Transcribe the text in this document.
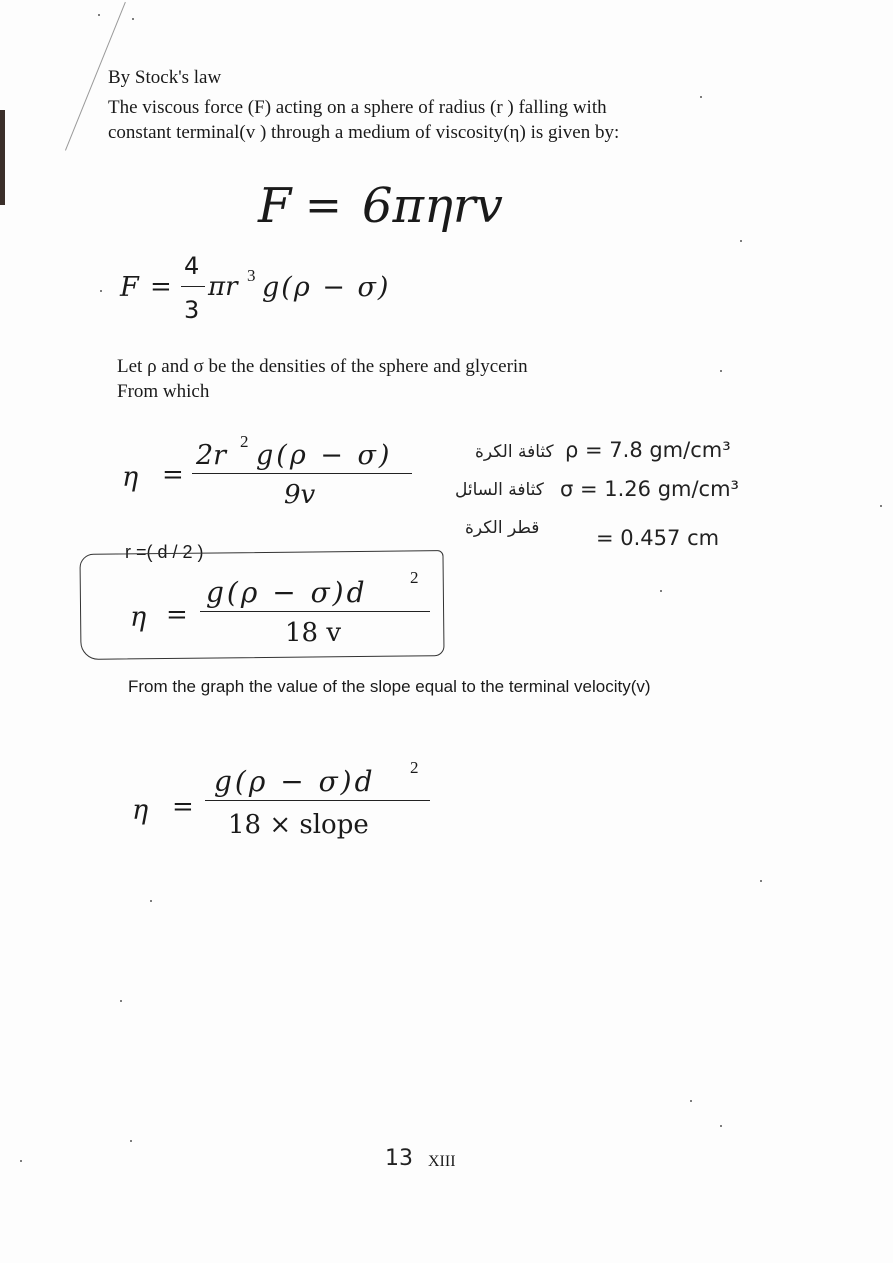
By Stock's law
The viscous force (F) acting on a sphere of radius (r ) falling with
constant terminal(v ) through a medium of viscosity(η) is given by:
F = 6πηrv
F =
4
3
πr 3 g(ρ − σ)
Let ρ and σ be the densities of the sphere and glycerin
From which
η =
2r 2 g(ρ − σ)
9v
كثافة الكرة ρ = 7.8 gm/cm³
كثافة السائل σ = 1.26 gm/cm³
قطر الكرة	= 0.457 cm
r =( d / 2 )
η =
g(ρ − σ)d 2
18 v
From the graph the value of the slope equal to the terminal velocity(v)
η =
g(ρ − σ)d 2
18 × slope
13 XIII
